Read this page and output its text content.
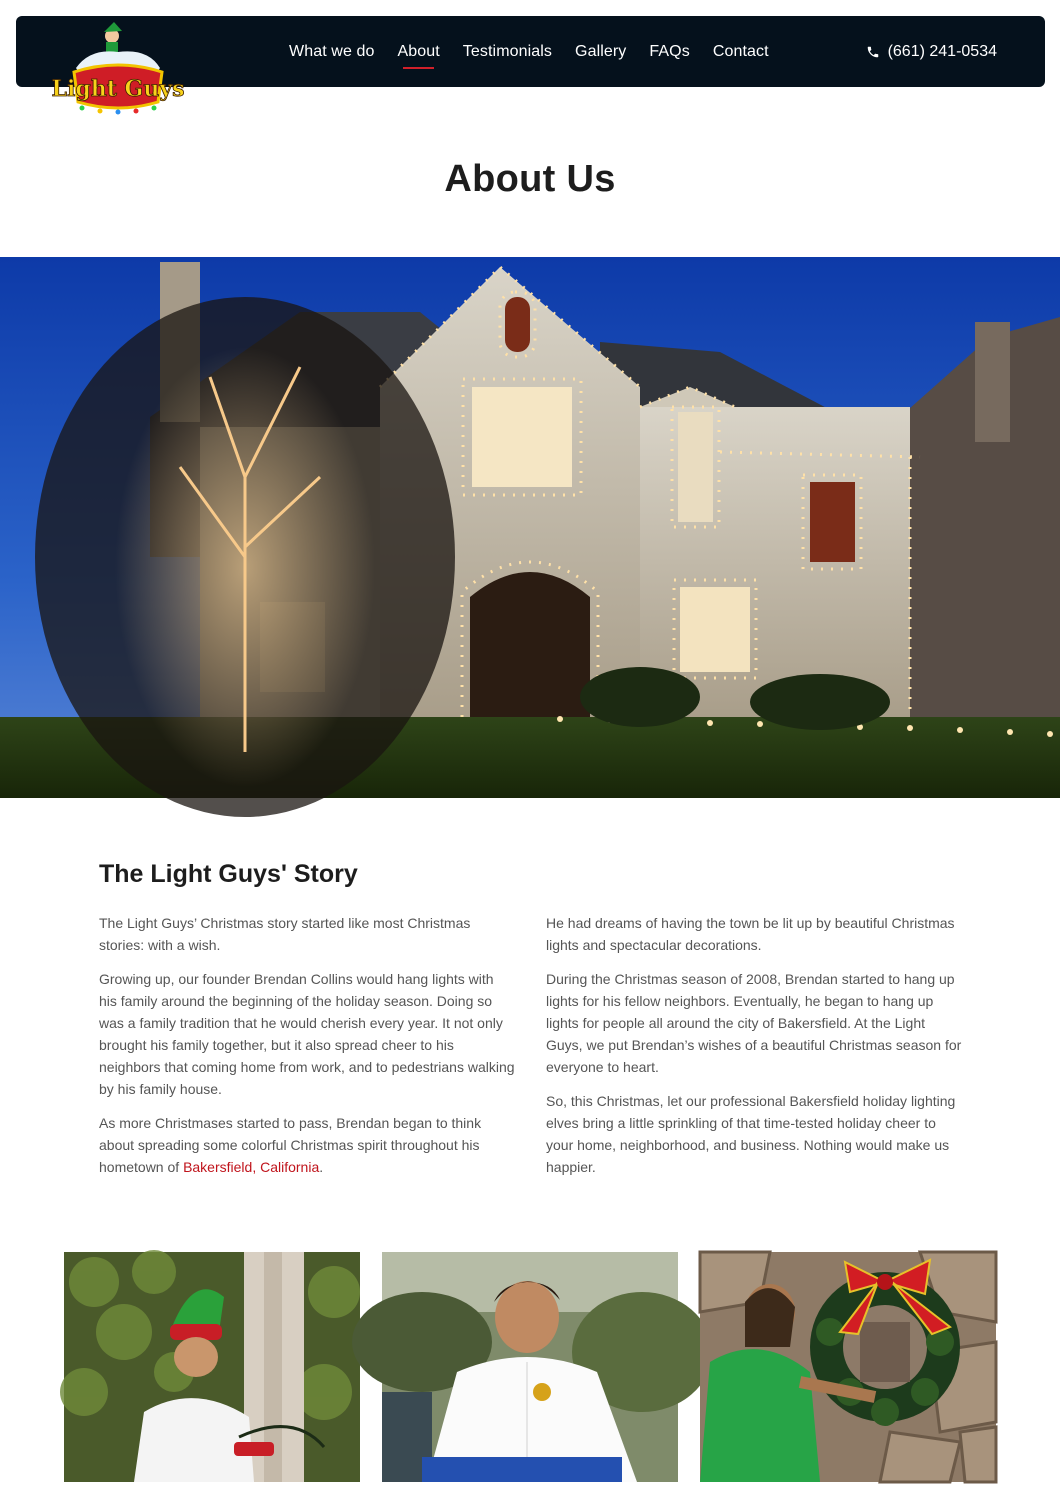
Light Guys
What we do About Testimonials Gallery FAQs Contact	(661) 241-0534
About Us
The Light Guys' Story

The Light Guys’ Christmas story started like most Christmas stories: with a wish.

Growing up, our founder Brendan Collins would hang lights with his family around the beginning of the holiday season. Doing so was a family tradition that he would cherish every year. It not only brought his family together, but it also spread cheer to his neighbors that coming home from work, and to pedestrians walking by his family house.

As more Christmases started to pass, Brendan began to think about spreading some colorful Christmas spirit throughout his hometown of Bakersfield, California.

He had dreams of having the town be lit up by beautiful Christmas lights and spectacular decorations.

During the Christmas season of 2008, Brendan started to hang up lights for his fellow neighbors. Eventually, he began to hang up lights for people all around the city of Bakersfield. At the Light Guys, we put Brendan’s wishes of a beautiful Christmas season for everyone to heart.

So, this Christmas, let our professional Bakersfield holiday lighting elves bring a little sprinkling of that time-tested holiday cheer to your home, neighborhood, and business. Nothing would make us happier.
